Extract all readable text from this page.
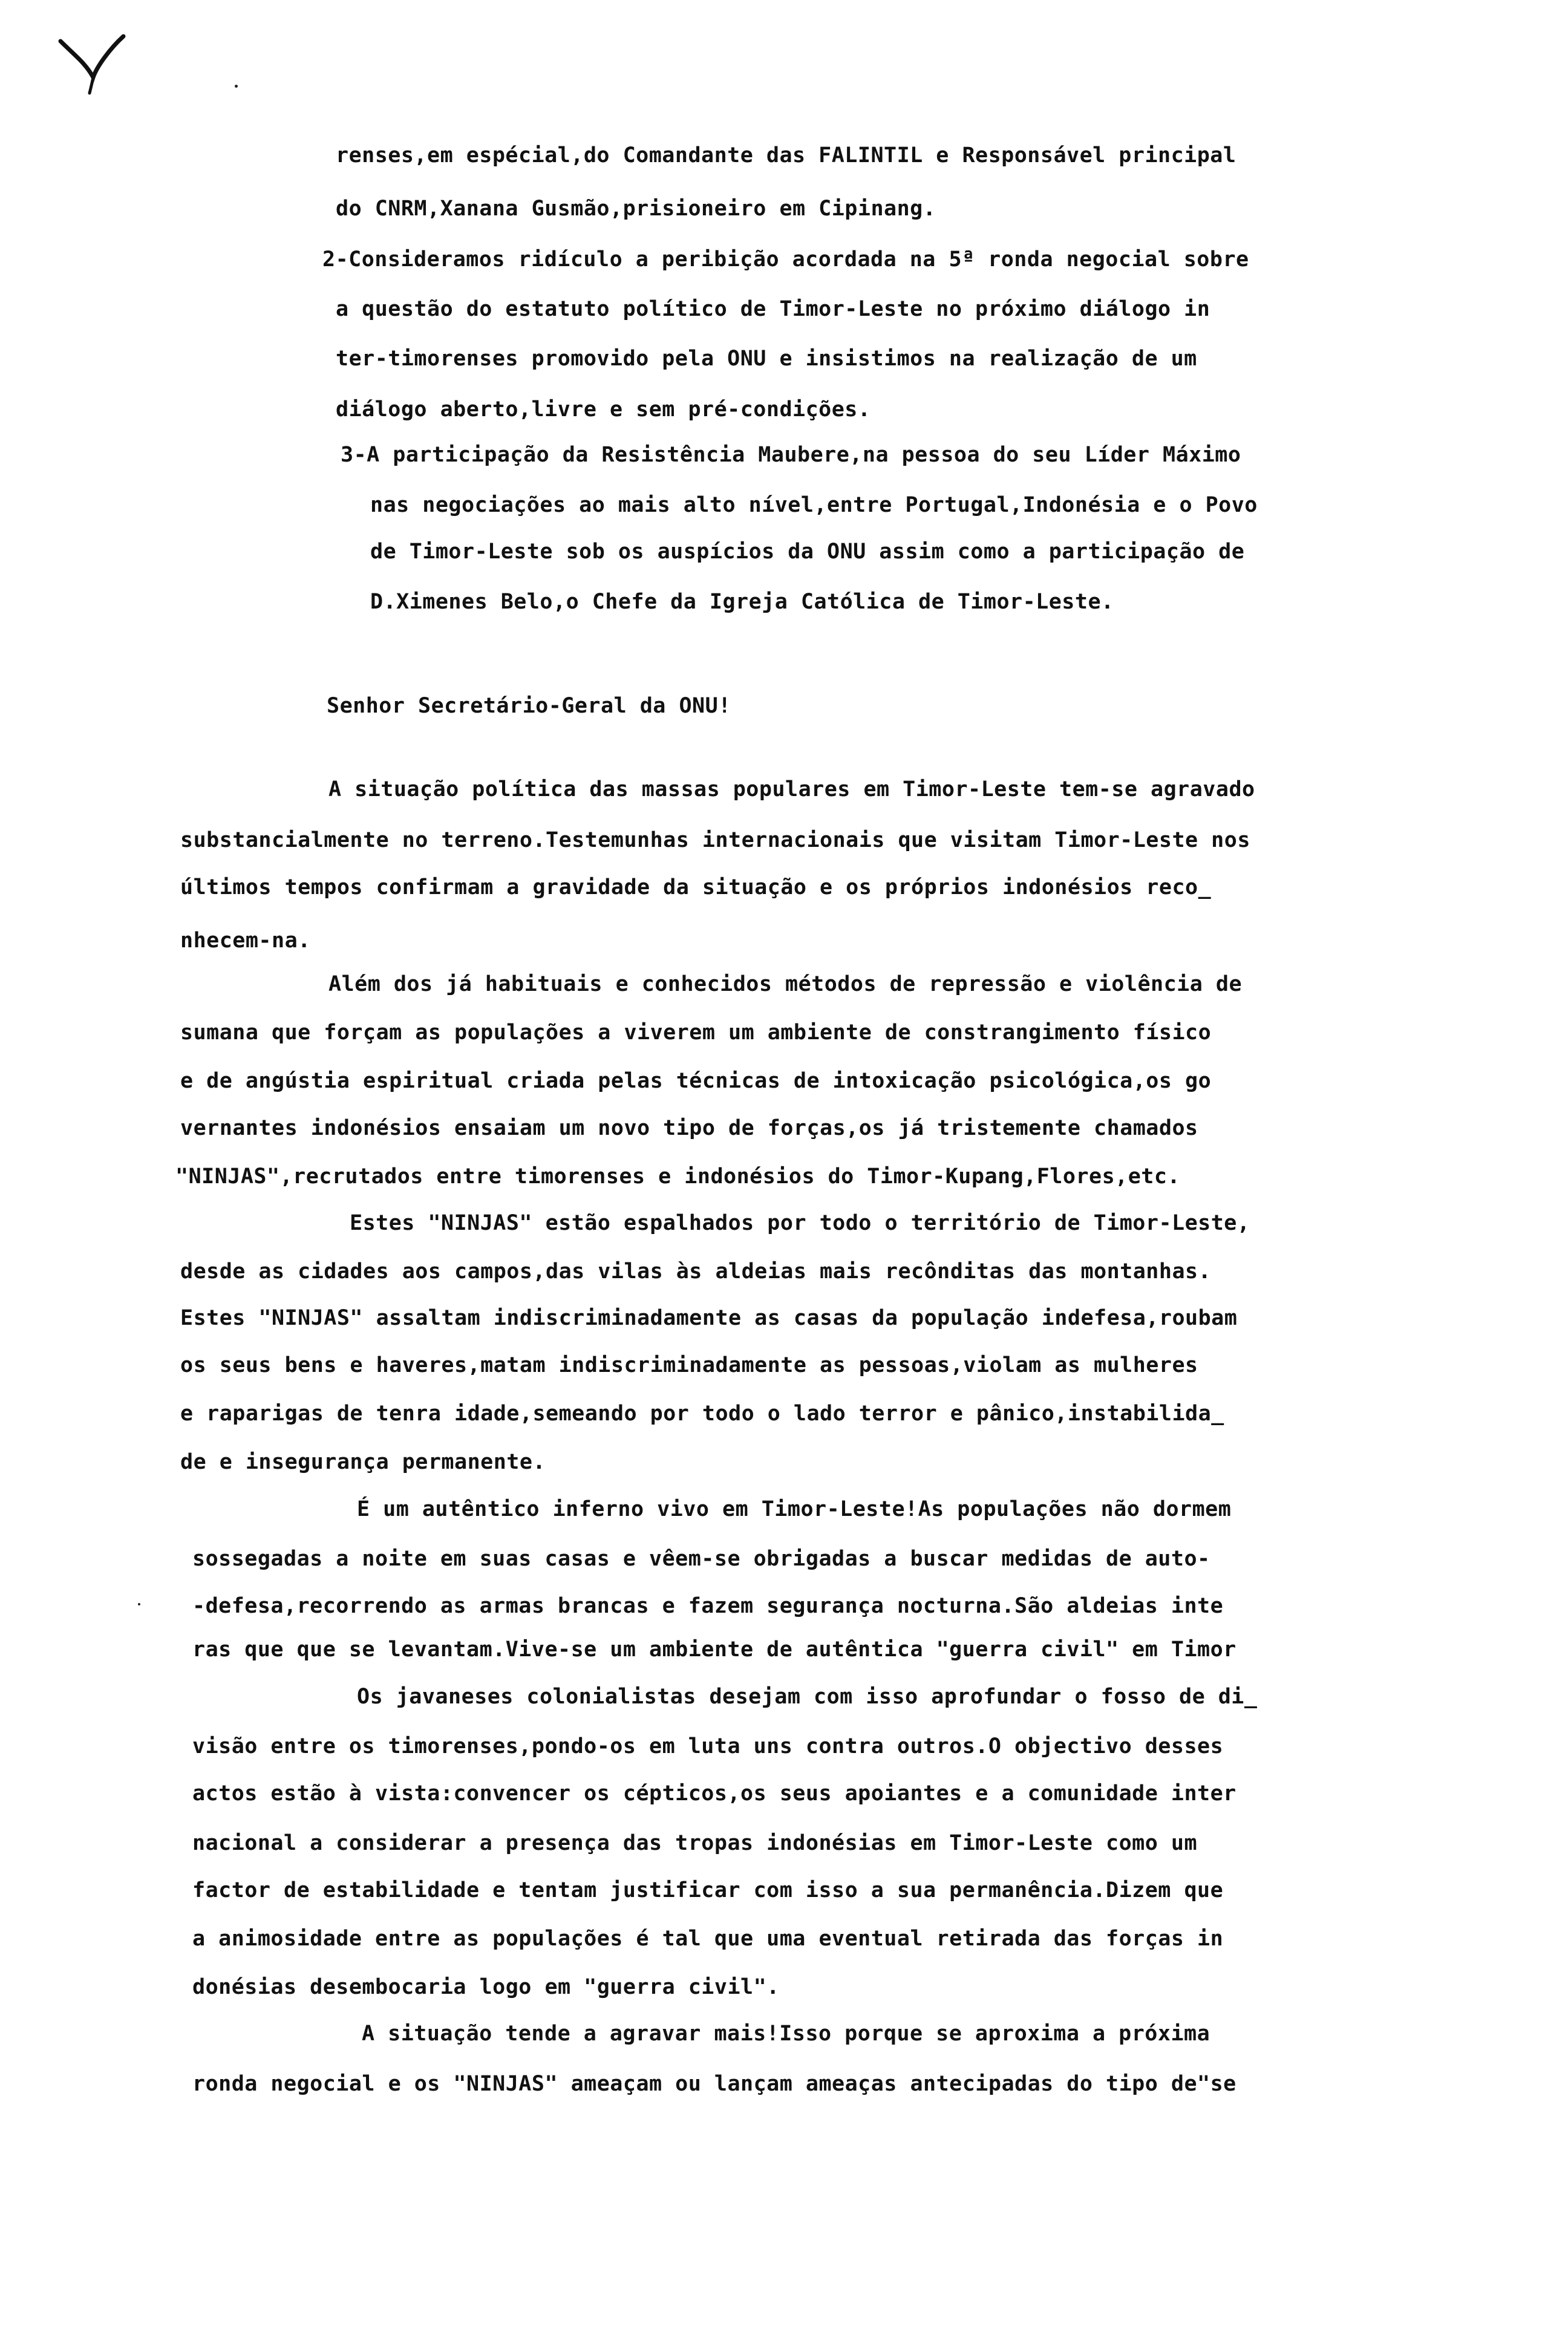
renses,em espécial,do Comandante das FALINTIL e Responsável principal
do CNRM,Xanana Gusmão,prisioneiro em Cipinang.
2-Consideramos ridículo a peribição acordada na 5ª ronda negocial sobre
a questão do estatuto político de Timor-Leste no próximo diálogo in
ter-timorenses promovido pela ONU e insistimos na realização de um
diálogo aberto,livre e sem pré-condições.
3-A participação da Resistência Maubere,na pessoa do seu Líder Máximo
nas negociações ao mais alto nível,entre Portugal,Indonésia e o Povo
de Timor-Leste sob os auspícios da ONU assim como a participação de
D.Ximenes Belo,o Chefe da Igreja Católica de Timor-Leste.
Senhor Secretário-Geral da ONU!
A situação política das massas populares em Timor-Leste tem-se agravado
substancialmente no terreno.Testemunhas internacionais que visitam Timor-Leste nos
últimos tempos confirmam a gravidade da situação e os próprios indonésios reco_
nhecem-na.
Além dos já habituais e conhecidos métodos de repressão e violência de
sumana que forçam as populações a viverem um ambiente de constrangimento físico
e de angústia espiritual criada pelas técnicas de intoxicação psicológica,os go
vernantes indonésios ensaiam um novo tipo de forças,os já tristemente chamados
"NINJAS",recrutados entre timorenses e indonésios do Timor-Kupang,Flores,etc.
Estes "NINJAS" estão espalhados por todo o território de Timor-Leste,
desde as cidades aos campos,das vilas às aldeias mais recônditas das montanhas.
Estes "NINJAS" assaltam indiscriminadamente as casas da população indefesa,roubam
os seus bens e haveres,matam indiscriminadamente as pessoas,violam as mulheres
e raparigas de tenra idade,semeando por todo o lado terror e pânico,instabilida_
de e insegurança permanente.
É um autêntico inferno vivo em Timor-Leste!As populações não dormem
sossegadas a noite em suas casas e vêem-se obrigadas a buscar medidas de auto-
-defesa,recorrendo as armas brancas e fazem segurança nocturna.São aldeias inte
ras que que se levantam.Vive-se um ambiente de autêntica "guerra civil" em Timor
Os javaneses colonialistas desejam com isso aprofundar o fosso de di_
visão entre os timorenses,pondo-os em luta uns contra outros.O objectivo desses
actos estão à vista:convencer os cépticos,os seus apoiantes e a comunidade inter
nacional a considerar a presença das tropas indonésias em Timor-Leste como um
factor de estabilidade e tentam justificar com isso a sua permanência.Dizem que
a animosidade entre as populações é tal que uma eventual retirada das forças in
donésias desembocaria logo em "guerra civil".
A situação tende a agravar mais!Isso porque se aproxima a próxima
ronda negocial e os "NINJAS" ameaçam ou lançam ameaças antecipadas do tipo de"se
